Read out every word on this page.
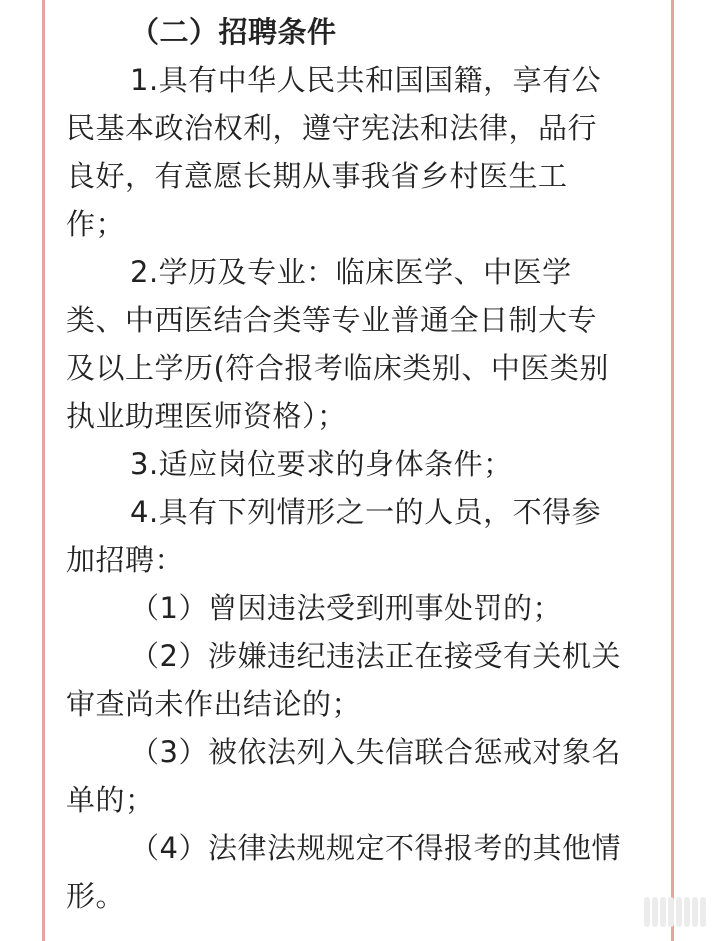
（二）招聘条件
1.具有中华人民共和国国籍，享有公
民基本政治权利，遵守宪法和法律，品行
良好，有意愿长期从事我省乡村医生工
作；
2.学历及专业：临床医学、中医学
类、中西医结合类等专业普通全日制大专
及以上学历(符合报考临床类别、中医类别
执业助理医师资格）；
3.适应岗位要求的身体条件；
4.具有下列情形之一的人员，不得参
加招聘：
（1）曾因违法受到刑事处罚的；
（2）涉嫌违纪违法正在接受有关机关
审查尚未作出结论的；
（3）被依法列入失信联合惩戒对象名
单的；
（4）法律法规规定不得报考的其他情
形。
